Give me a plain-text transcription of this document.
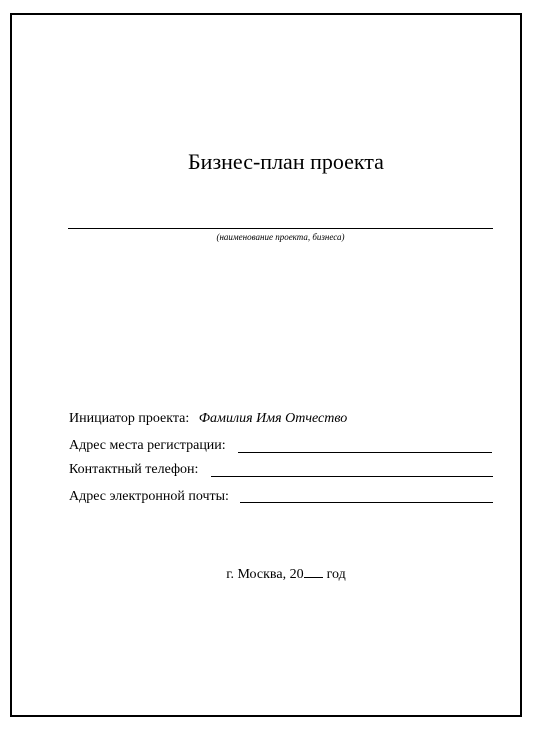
Бизнес-план проекта
(наименование проекта, бизнеса)
Инициатор проекта: Фамилия Имя Отчество
Адрес места регистрации:
Контактный телефон:
Адрес электронной почты:
г. Москва, 20 год
